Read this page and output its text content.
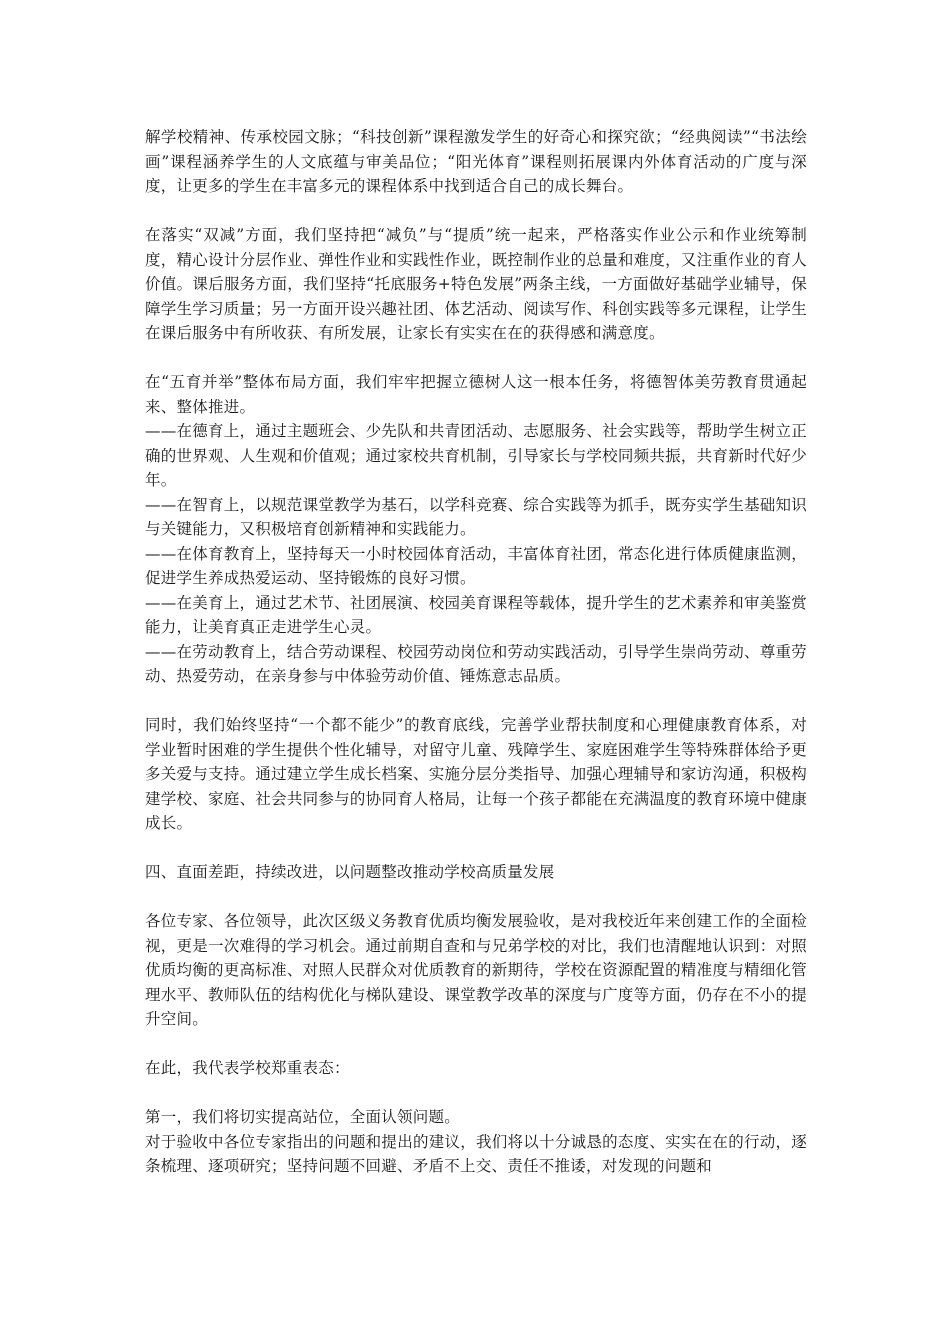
解学校精神、传承校园文脉；“科技创新”课程激发学生的好奇心和探究欲；“经典阅读”“书法绘画”课程涵养学生的人文底蕴与审美品位；“阳光体育”课程则拓展课内外体育活动的广度与深度，让更多的学生在丰富多元的课程体系中找到适合自己的成长舞台。

在落实“双减”方面，我们坚持把“减负”与“提质”统一起来，严格落实作业公示和作业统筹制度，精心设计分层作业、弹性作业和实践性作业，既控制作业的总量和难度，又注重作业的育人价值。课后服务方面，我们坚持“托底服务+特色发展”两条主线，一方面做好基础学业辅导，保障学生学习质量；另一方面开设兴趣社团、体艺活动、阅读写作、科创实践等多元课程，让学生在课后服务中有所收获、有所发展，让家长有实实在在的获得感和满意度。

在“五育并举”整体布局方面，我们牢牢把握立德树人这一根本任务，将德智体美劳教育贯通起来、整体推进。

——在德育上，通过主题班会、少先队和共青团活动、志愿服务、社会实践等，帮助学生树立正确的世界观、人生观和价值观；通过家校共育机制，引导家长与学校同频共振，共育新时代好少年。

——在智育上，以规范课堂教学为基石，以学科竞赛、综合实践等为抓手，既夯实学生基础知识与关键能力，又积极培育创新精神和实践能力。

——在体育教育上，坚持每天一小时校园体育活动，丰富体育社团，常态化进行体质健康监测，促进学生养成热爱运动、坚持锻炼的良好习惯。

——在美育上，通过艺术节、社团展演、校园美育课程等载体，提升学生的艺术素养和审美鉴赏能力，让美育真正走进学生心灵。

——在劳动教育上，结合劳动课程、校园劳动岗位和劳动实践活动，引导学生崇尚劳动、尊重劳动、热爱劳动，在亲身参与中体验劳动价值、锤炼意志品质。

同时，我们始终坚持“一个都不能少”的教育底线，完善学业帮扶制度和心理健康教育体系，对学业暂时困难的学生提供个性化辅导，对留守儿童、残障学生、家庭困难学生等特殊群体给予更多关爱与支持。通过建立学生成长档案、实施分层分类指导、加强心理辅导和家访沟通，积极构建学校、家庭、社会共同参与的协同育人格局，让每一个孩子都能在充满温度的教育环境中健康成长。

四、直面差距，持续改进，以问题整改推动学校高质量发展

各位专家、各位领导，此次区级义务教育优质均衡发展验收，是对我校近年来创建工作的全面检视，更是一次难得的学习机会。通过前期自查和与兄弟学校的对比，我们也清醒地认识到：对照优质均衡的更高标准、对照人民群众对优质教育的新期待，学校在资源配置的精准度与精细化管理水平、教师队伍的结构优化与梯队建设、课堂教学改革的深度与广度等方面，仍存在不小的提升空间。

在此，我代表学校郑重表态：

第一，我们将切实提高站位，全面认领问题。

对于验收中各位专家指出的问题和提出的建议，我们将以十分诚恳的态度、实实在在的行动，逐条梳理、逐项研究；坚持问题不回避、矛盾不上交、责任不推诿，对发现的问题和
